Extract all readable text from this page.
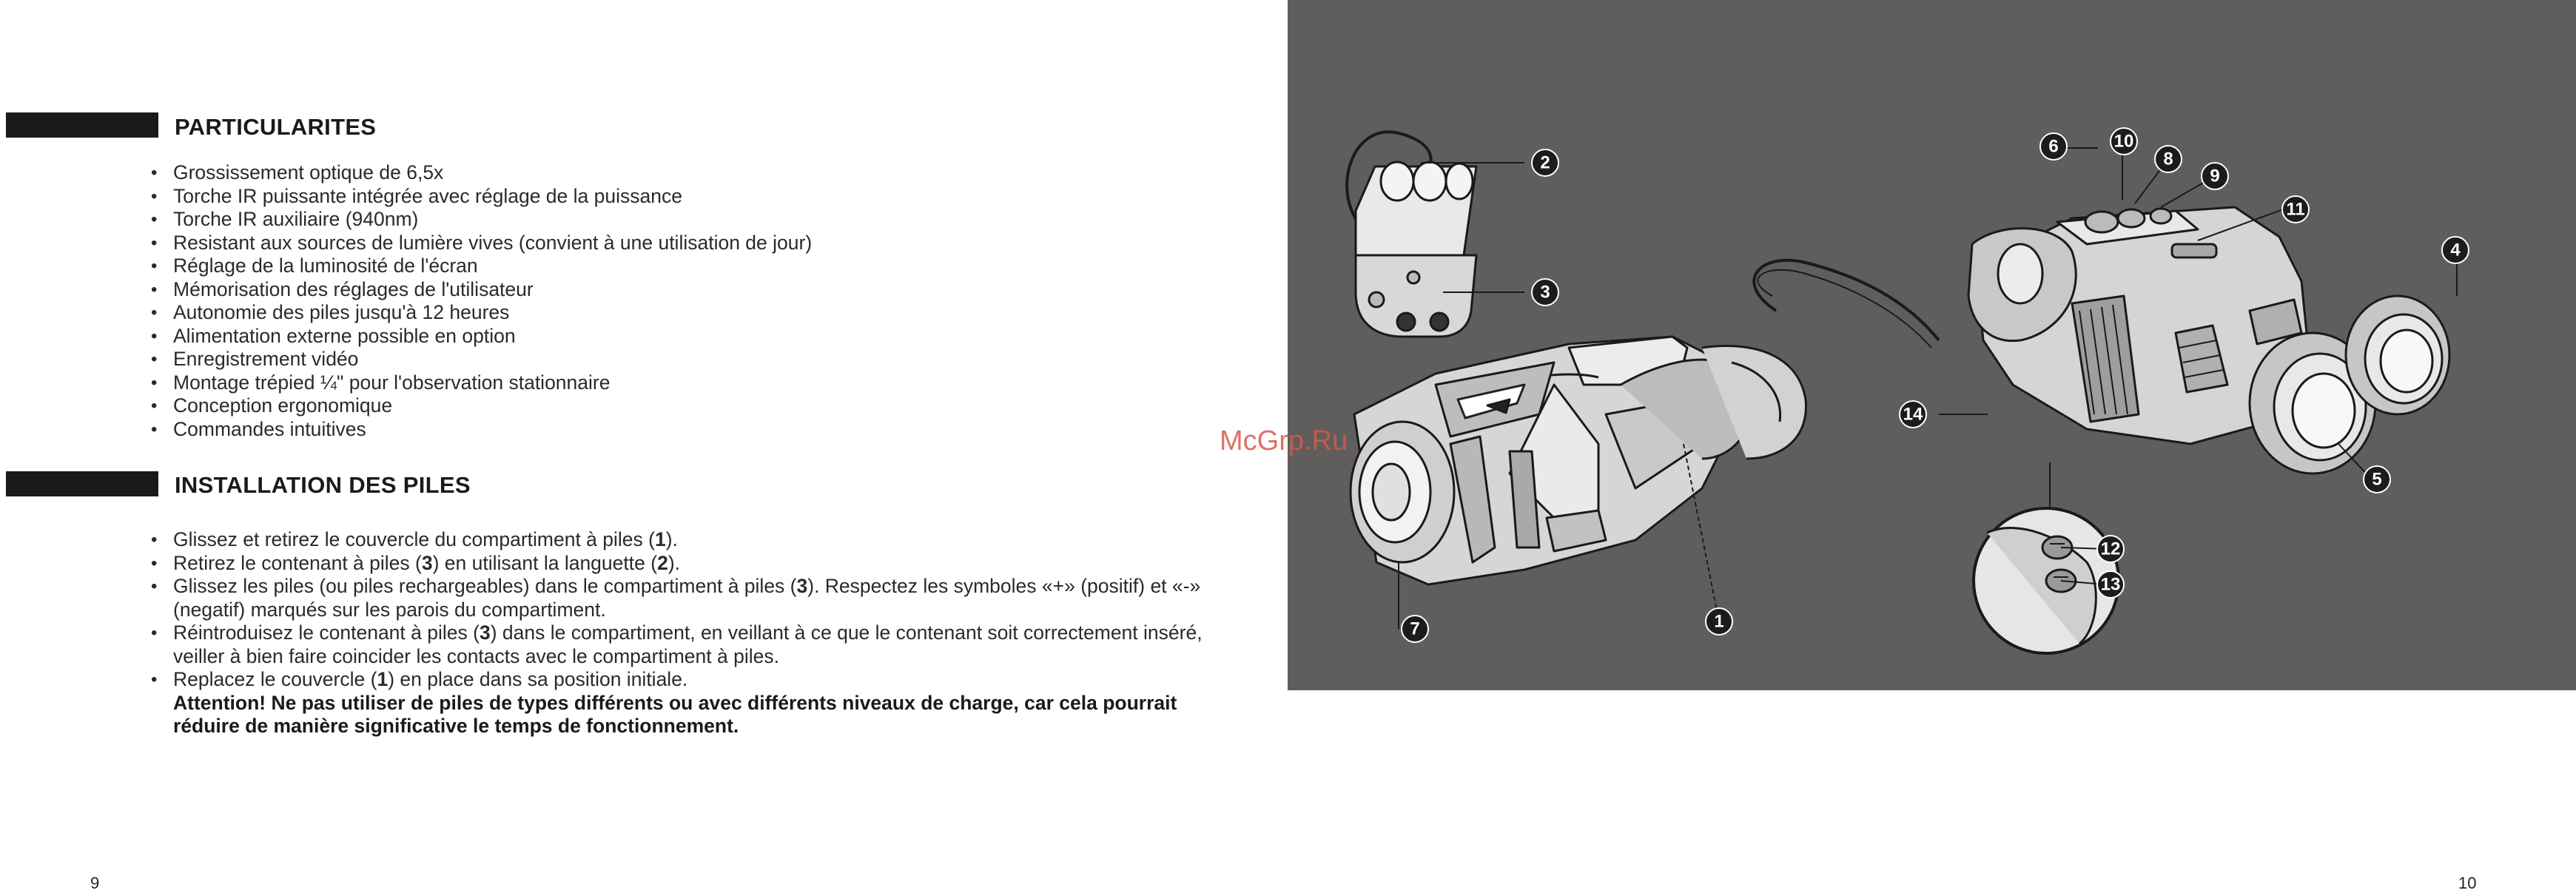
PARTICULARITES
• Grossissement optique de 6,5x
• Torche IR puissante intégrée avec réglage de la puissance
• Torche IR auxiliaire (940nm)
• Resistant aux sources de lumière vives (convient à une utilisation de jour)
• Réglage de la luminosité de l'écran
• Mémorisation des réglages de l'utilisateur
• Autonomie des piles jusqu'à 12 heures
• Alimentation externe possible en option
• Enregistrement vidéo
• Montage trépied ¼" pour l'observation stationnaire
• Conception ergonomique
• Commandes intuitives
INSTALLATION DES PILES
• Glissez et retirez le couvercle du compartiment à piles (1).
• Retirez le contenant à piles (3) en utilisant la languette (2).
• Glissez les piles (ou piles rechargeables) dans le compartiment à piles (3). Respectez les symboles «+» (positif) et «-» (negatif) marqués sur les parois du compartiment.
• Réintroduisez le contenant à piles (3) dans le compartiment, en veillant à ce que le contenant soit correctement inséré, veiller à bien faire coincider les contacts avec le compartiment à piles.
• Replacez le couvercle (1) en place dans sa position initiale.
Attention! Ne pas utiliser de piles de types différents ou avec différents niveaux de charge, car cela pourrait réduire de manière significative le temps de fonctionnement.
9
2
3
7	1
14
12
13
6	10
8
9
11
4
5
10
McGrp.Ru
